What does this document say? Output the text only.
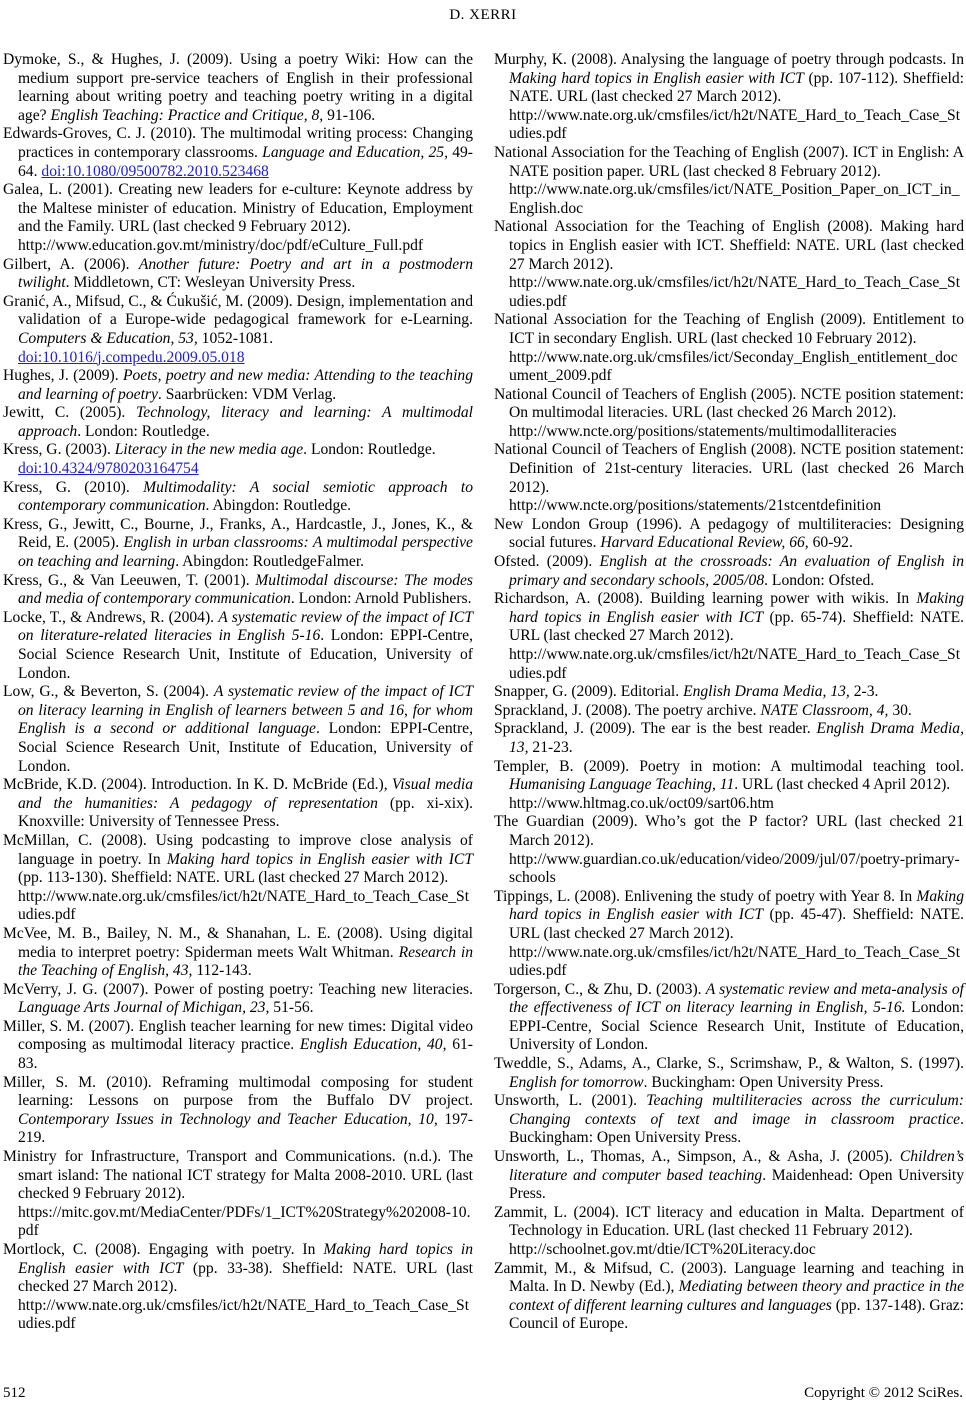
D. XERRI

Dymoke, S., & Hughes, J. (2009). Using a poetry Wiki: How can the medium support pre-service teachers of English in their professional learning about writing poetry and teaching poetry writing in a digital age? English Teaching: Practice and Critique, 8, 91-106.

Edwards-Groves, C. J. (2010). The multimodal writing process: Changing practices in contemporary classrooms. Language and Education, 25, 49-64. doi:10.1080/09500782.2010.523468

Galea, L. (2001). Creating new leaders for e-culture: Keynote address by the Maltese minister of education. Ministry of Education, Employment and the Family. URL (last checked 9 February 2012).
http://www.education.gov.mt/ministry/doc/pdf/eCulture_Full.pdf

Gilbert, A. (2006). Another future: Poetry and art in a postmodern twilight. Middletown, CT: Wesleyan University Press.

Granić, A., Mifsud, C., & Ćukušić, M. (2009). Design, implementation and validation of a Europe-wide pedagogical framework for e-Learning. Computers & Education, 53, 1052-1081.
doi:10.1016/j.compedu.2009.05.018

Hughes, J. (2009). Poets, poetry and new media: Attending to the teaching and learning of poetry. Saarbrücken: VDM Verlag.

Jewitt, C. (2005). Technology, literacy and learning: A multimodal approach. London: Routledge.

Kress, G. (2003). Literacy in the new media age. London: Routledge.
doi:10.4324/9780203164754

Kress, G. (2010). Multimodality: A social semiotic approach to contemporary communication. Abingdon: Routledge.

Kress, G., Jewitt, C., Bourne, J., Franks, A., Hardcastle, J., Jones, K., & Reid, E. (2005). English in urban classrooms: A multimodal perspective on teaching and learning. Abingdon: RoutledgeFalmer.

Kress, G., & Van Leeuwen, T. (2001). Multimodal discourse: The modes and media of contemporary communication. London: Arnold Publishers.

Locke, T., & Andrews, R. (2004). A systematic review of the impact of ICT on literature-related literacies in English 5-16. London: EPPI-Centre, Social Science Research Unit, Institute of Education, University of London.

Low, G., & Beverton, S. (2004). A systematic review of the impact of ICT on literacy learning in English of learners between 5 and 16, for whom English is a second or additional language. London: EPPI-Centre, Social Science Research Unit, Institute of Education, University of London.

McBride, K.D. (2004). Introduction. In K. D. McBride (Ed.), Visual media and the humanities: A pedagogy of representation (pp. xi-xix). Knoxville: University of Tennessee Press.

McMillan, C. (2008). Using podcasting to improve close analysis of language in poetry. In Making hard topics in English easier with ICT (pp. 113-130). Sheffield: NATE. URL (last checked 27 March 2012).
http://www.nate.org.uk/cmsfiles/ict/h2t/NATE_Hard_to_Teach_Case_Studies.pdf

McVee, M. B., Bailey, N. M., & Shanahan, L. E. (2008). Using digital media to interpret poetry: Spiderman meets Walt Whitman. Research in the Teaching of English, 43, 112-143.

McVerry, J. G. (2007). Power of posting poetry: Teaching new literacies. Language Arts Journal of Michigan, 23, 51-56.

Miller, S. M. (2007). English teacher learning for new times: Digital video composing as multimodal literacy practice. English Education, 40, 61-83.

Miller, S. M. (2010). Reframing multimodal composing for student learning: Lessons on purpose from the Buffalo DV project. Contemporary Issues in Technology and Teacher Education, 10, 197-219.

Ministry for Infrastructure, Transport and Communications. (n.d.). The smart island: The national ICT strategy for Malta 2008-2010. URL (last checked 9 February 2012).
https://mitc.gov.mt/MediaCenter/PDFs/1_ICT%20Strategy%202008-10.pdf

Mortlock, C. (2008). Engaging with poetry. In Making hard topics in English easier with ICT (pp. 33-38). Sheffield: NATE. URL (last checked 27 March 2012).
http://www.nate.org.uk/cmsfiles/ict/h2t/NATE_Hard_to_Teach_Case_Studies.pdf

Murphy, K. (2008). Analysing the language of poetry through podcasts. In Making hard topics in English easier with ICT (pp. 107-112). Sheffield: NATE. URL (last checked 27 March 2012).
http://www.nate.org.uk/cmsfiles/ict/h2t/NATE_Hard_to_Teach_Case_Studies.pdf

National Association for the Teaching of English (2007). ICT in English: A NATE position paper. URL (last checked 8 February 2012).
http://www.nate.org.uk/cmsfiles/ict/NATE_Position_Paper_on_ICT_in_English.doc

National Association for the Teaching of English (2008). Making hard topics in English easier with ICT. Sheffield: NATE. URL (last checked 27 March 2012).
http://www.nate.org.uk/cmsfiles/ict/h2t/NATE_Hard_to_Teach_Case_Studies.pdf

National Association for the Teaching of English (2009). Entitlement to ICT in secondary English. URL (last checked 10 February 2012).
http://www.nate.org.uk/cmsfiles/ict/Seconday_English_entitlement_document_2009.pdf

National Council of Teachers of English (2005). NCTE position statement: On multimodal literacies. URL (last checked 26 March 2012).
http://www.ncte.org/positions/statements/multimodalliteracies

National Council of Teachers of English (2008). NCTE position statement: Definition of 21st-century literacies. URL (last checked 26 March 2012).
http://www.ncte.org/positions/statements/21stcentdefinition

New London Group (1996). A pedagogy of multiliteracies: Designing social futures. Harvard Educational Review, 66, 60-92.

Ofsted. (2009). English at the crossroads: An evaluation of English in primary and secondary schools, 2005/08. London: Ofsted.

Richardson, A. (2008). Building learning power with wikis. In Making hard topics in English easier with ICT (pp. 65-74). Sheffield: NATE. URL (last checked 27 March 2012).
http://www.nate.org.uk/cmsfiles/ict/h2t/NATE_Hard_to_Teach_Case_Studies.pdf

Snapper, G. (2009). Editorial. English Drama Media, 13, 2-3.

Sprackland, J. (2008). The poetry archive. NATE Classroom, 4, 30.

Sprackland, J. (2009). The ear is the best reader. English Drama Media, 13, 21-23.

Templer, B. (2009). Poetry in motion: A multimodal teaching tool. Humanising Language Teaching, 11. URL (last checked 4 April 2012).
http://www.hltmag.co.uk/oct09/sart06.htm

The Guardian (2009). Who’s got the P factor? URL (last checked 21 March 2012).
http://www.guardian.co.uk/education/video/2009/jul/07/poetry-primary-schools

Tippings, L. (2008). Enlivening the study of poetry with Year 8. In Making hard topics in English easier with ICT (pp. 45-47). Sheffield: NATE. URL (last checked 27 March 2012).
http://www.nate.org.uk/cmsfiles/ict/h2t/NATE_Hard_to_Teach_Case_Studies.pdf

Torgerson, C., & Zhu, D. (2003). A systematic review and meta-analysis of the effectiveness of ICT on literacy learning in English, 5-16. London: EPPI-Centre, Social Science Research Unit, Institute of Education, University of London.

Tweddle, S., Adams, A., Clarke, S., Scrimshaw, P., & Walton, S. (1997). English for tomorrow. Buckingham: Open University Press.

Unsworth, L. (2001). Teaching multiliteracies across the curriculum: Changing contexts of text and image in classroom practice. Buckingham: Open University Press.

Unsworth, L., Thomas, A., Simpson, A., & Asha, J. (2005). Children’s literature and computer based teaching. Maidenhead: Open University Press.

Zammit, L. (2004). ICT literacy and education in Malta. Department of Technology in Education. URL (last checked 11 February 2012).
http://schoolnet.gov.mt/dtie/ICT%20Literacy.doc

Zammit, M., & Mifsud, C. (2003). Language learning and teaching in Malta. In D. Newby (Ed.), Mediating between theory and practice in the context of different learning cultures and languages (pp. 137-148). Graz: Council of Europe.

512	Copyright © 2012 SciRes.
